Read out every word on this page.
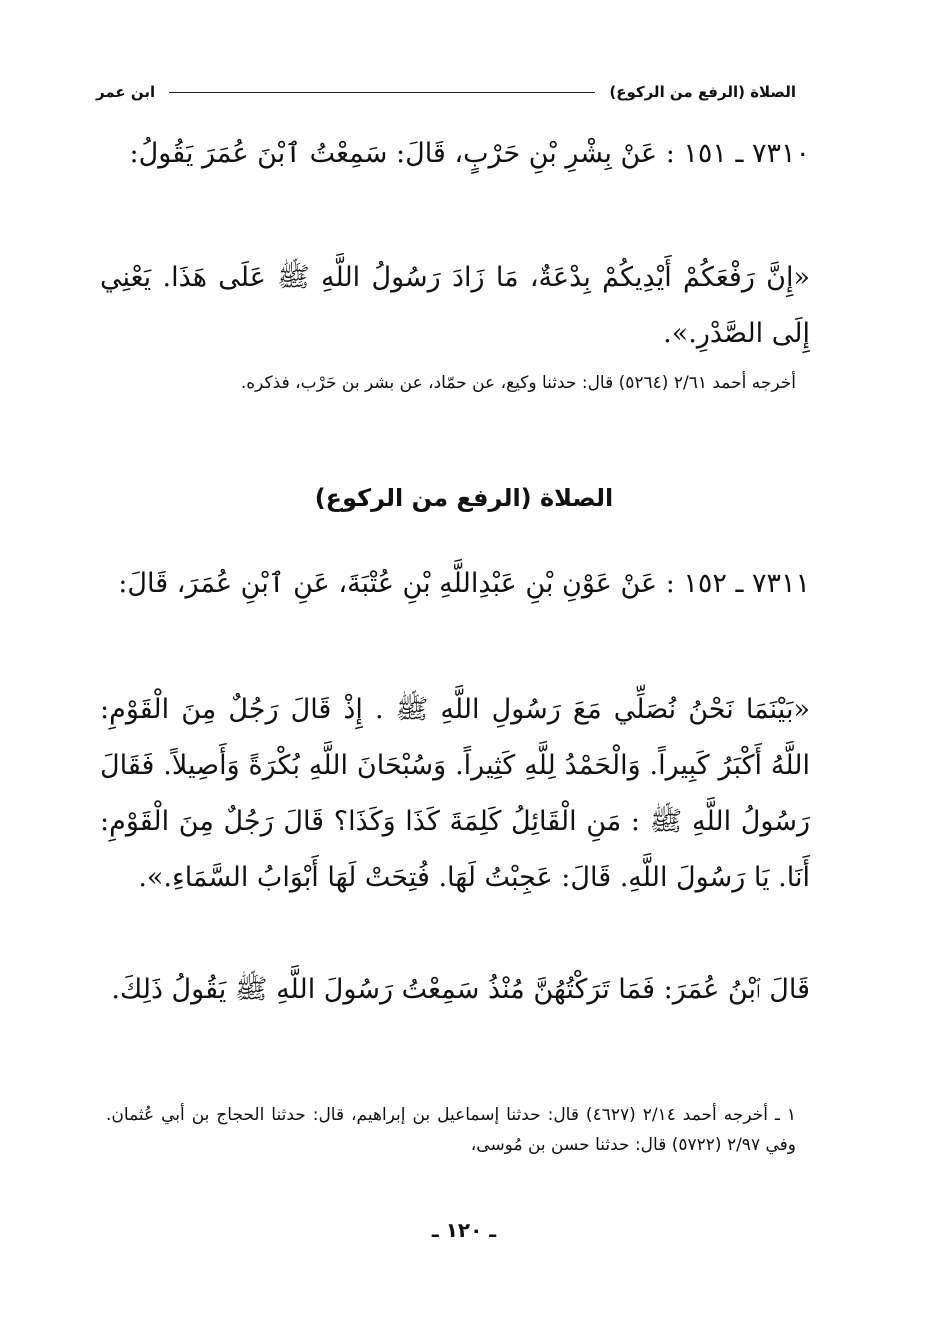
الصلاة (الرفع من الركوع)
ابن عمر
٧٣١٠ ـ ١٥١ : عَنْ بِشْرِ بْنِ حَرْبٍ، قَالَ: سَمِعْتُ ٱبْنَ عُمَرَ يَقُولُ:
«إِنَّ رَفْعَكُمْ أَيْدِيكُمْ بِدْعَةٌ، مَا زَادَ رَسُولُ اللَّهِ ﷺ عَلَى هَذَا. يَعْنِي إِلَى الصَّدْرِ.».
أخرجه أحمد ٢/٦١ (٥٢٦٤) قال: حدثنا وكيع، عن حمّاد، عن بشر بن حَرْب، فذكره.
الصلاة (الرفع من الركوع)
٧٣١١ ـ ١٥٢ : عَنْ عَوْنِ بْنِ عَبْدِاللَّهِ بْنِ عُتْبَةَ، عَنِ ٱبْنِ عُمَرَ، قَالَ:
«بَيْنَمَا نَحْنُ نُصَلِّي مَعَ رَسُولِ اللَّهِ ﷺ . إِذْ قَالَ رَجُلٌ مِنَ الْقَوْمِ: اللَّهُ أَكْبَرُ كَبِيراً. وَالْحَمْدُ لِلَّهِ كَثِيراً. وَسُبْحَانَ اللَّهِ بُكْرَةً وَأَصِيلاً. فَقَالَ رَسُولُ اللَّهِ ﷺ : مَنِ الْقَائِلُ كَلِمَةَ كَذَا وَكَذَا؟ قَالَ رَجُلٌ مِنَ الْقَوْمِ: أَنَا. يَا رَسُولَ اللَّهِ. قَالَ: عَجِبْتُ لَهَا. فُتِحَتْ لَهَا أَبْوَابُ السَّمَاءِ.».
قَالَ ٱبْنُ عُمَرَ: فَمَا تَرَكْتُهُنَّ مُنْذُ سَمِعْتُ رَسُولَ اللَّهِ ﷺ يَقُولُ ذَلِكَ.
١ ـ أخرجه أحمد ٢/١٤ (٤٦٢٧) قال: حدثنا إسماعيل بن إبراهيم، قال: حدثنا الحجاج بن أبي عُثمان. وفي ٢/٩٧ (٥٧٢٢) قال: حدثنا حسن بن مُوسى،
ـ ١٢٠ ـ
